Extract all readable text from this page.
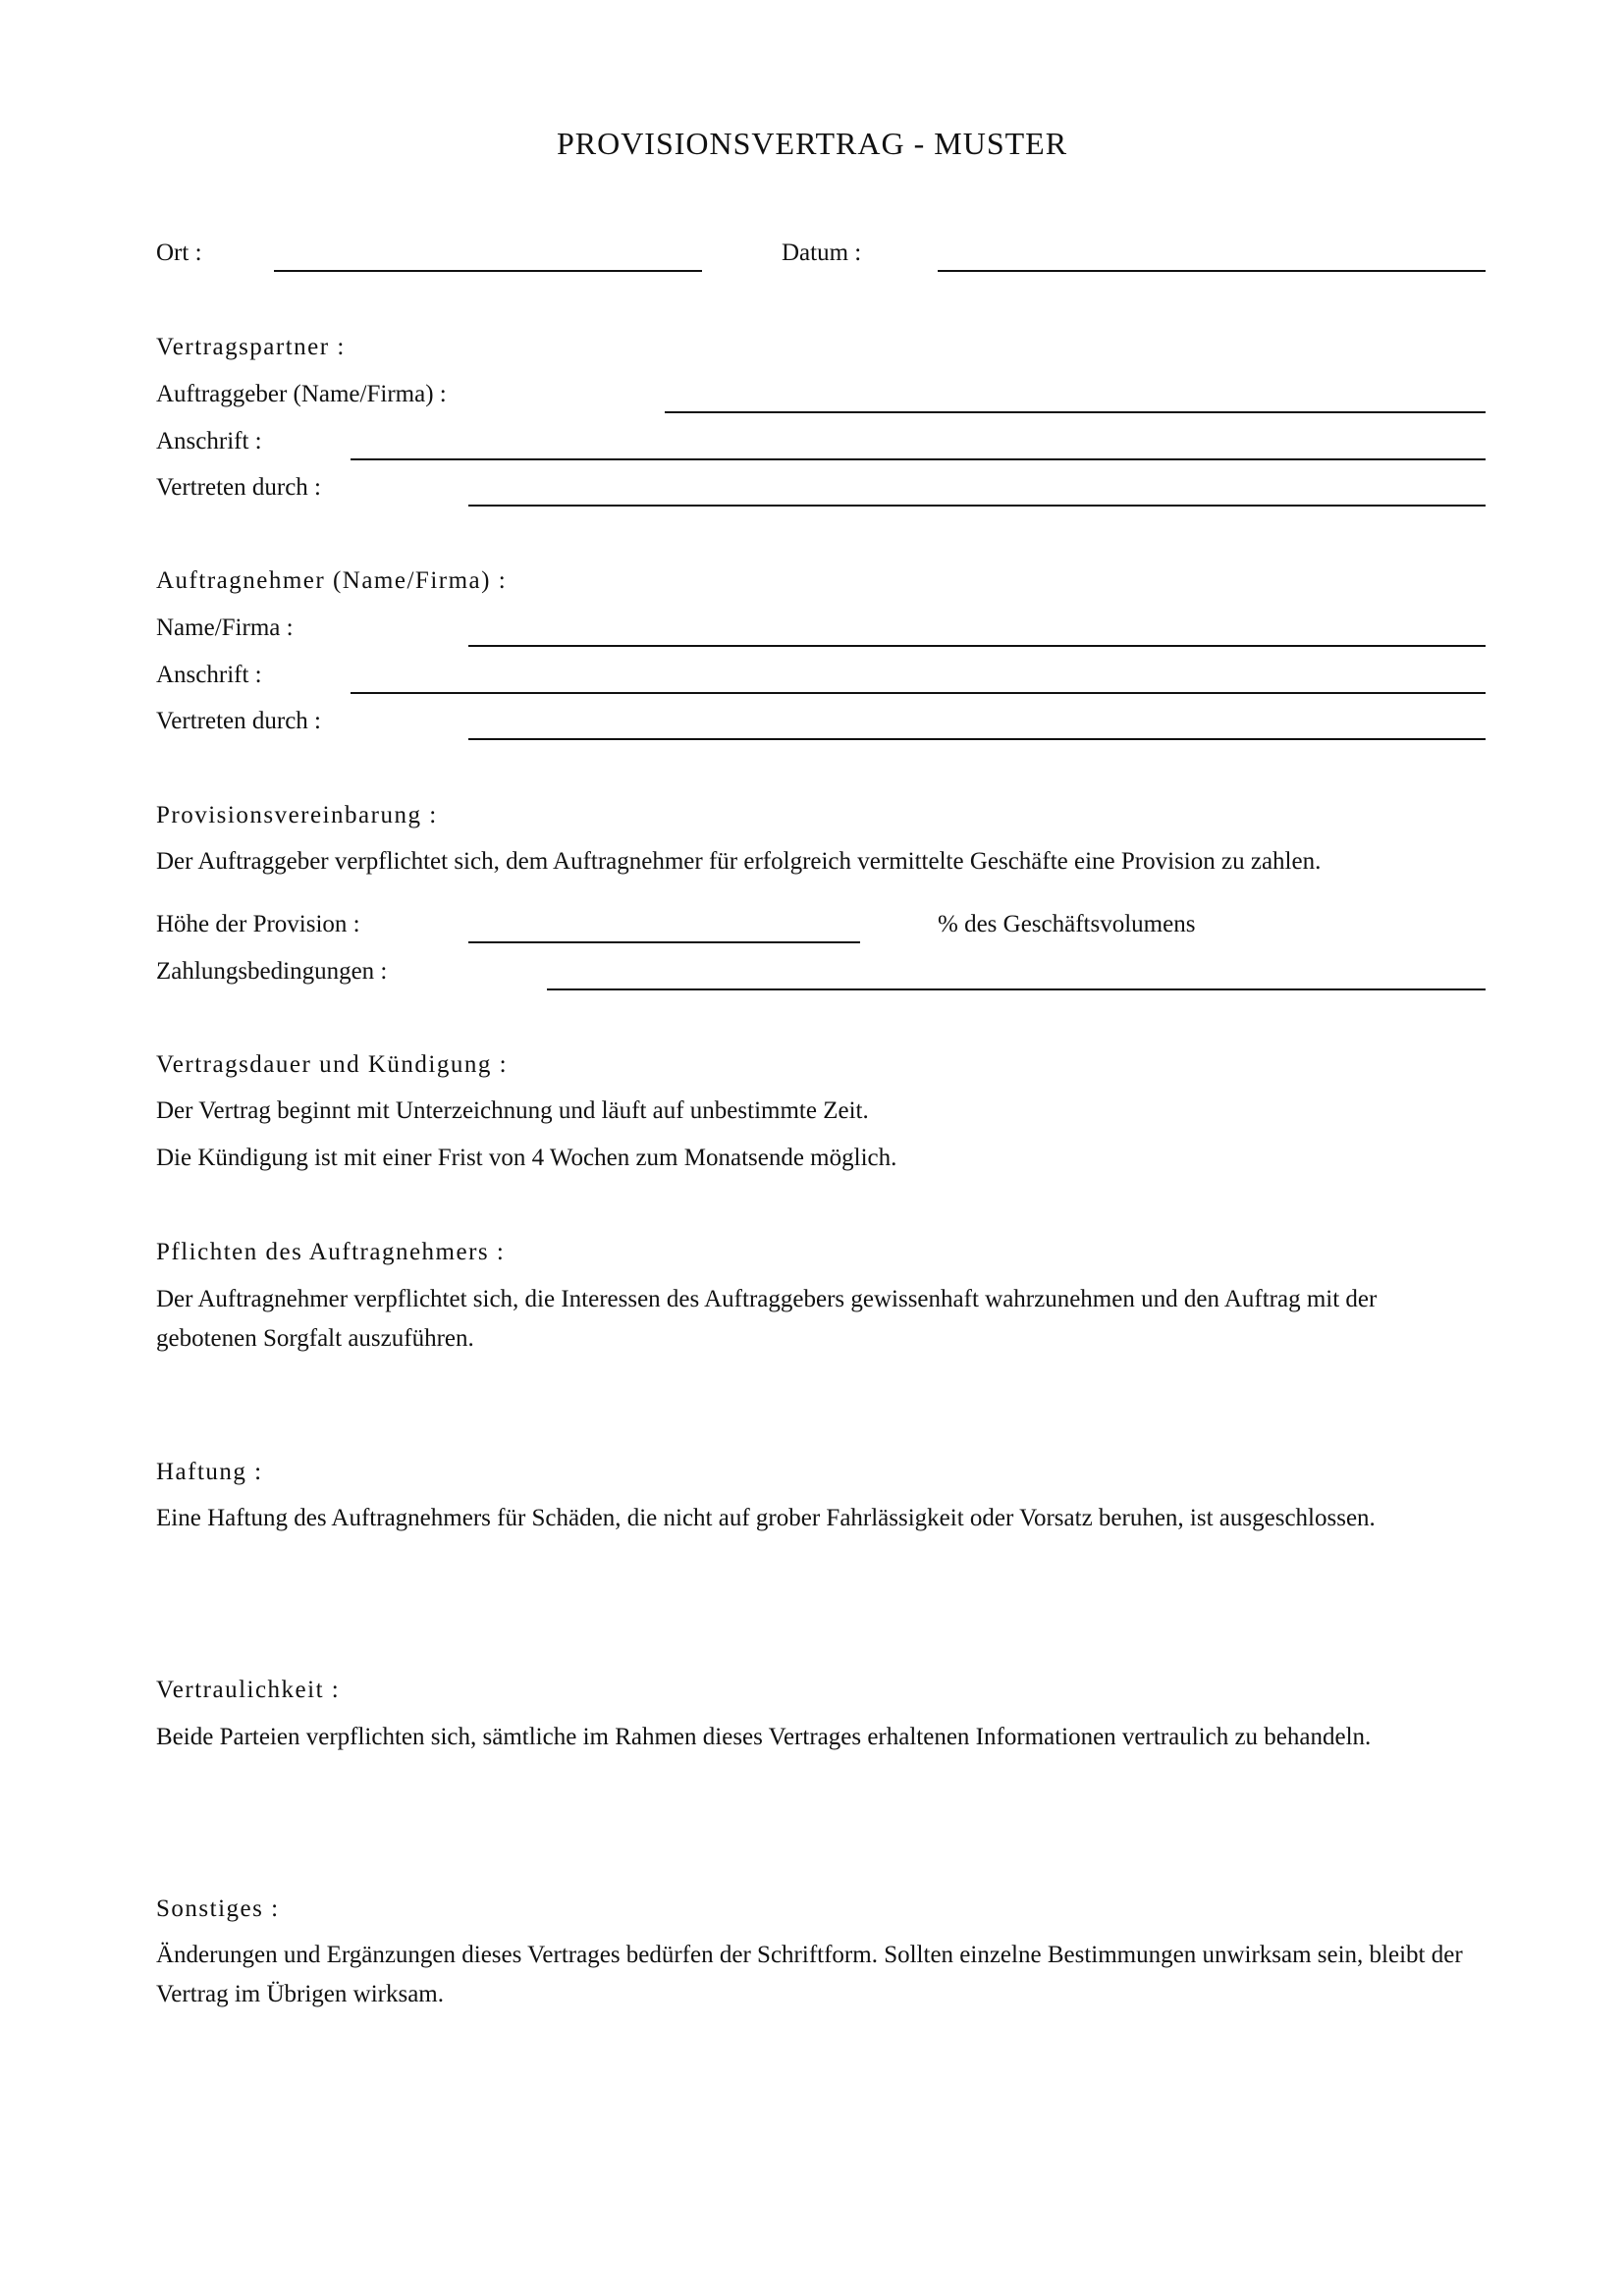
PROVISIONSVERTRAG - MUSTER
Ort :	Datum :
Vertragspartner :
Auftraggeber (Name/Firma) :
Anschrift :
Vertreten durch :
Auftragnehmer (Name/Firma) :
Name/Firma :
Anschrift :
Vertreten durch :
Provisionsvereinbarung :
Der Auftraggeber verpflichtet sich, dem Auftragnehmer für erfolgreich vermittelte Geschäfte eine Provision zu zahlen.
Höhe der Provision :	% des Geschäftsvolumens
Zahlungsbedingungen :
Vertragsdauer und Kündigung :
Der Vertrag beginnt mit Unterzeichnung und läuft auf unbestimmte Zeit.
Die Kündigung ist mit einer Frist von 4 Wochen zum Monatsende möglich.
Pflichten des Auftragnehmers :
Der Auftragnehmer verpflichtet sich, die Interessen des Auftraggebers gewissenhaft wahrzunehmen und den Auftrag mit der gebotenen Sorgfalt auszuführen.
Haftung :
Eine Haftung des Auftragnehmers für Schäden, die nicht auf grober Fahrlässigkeit oder Vorsatz beruhen, ist ausgeschlossen.
Vertraulichkeit :
Beide Parteien verpflichten sich, sämtliche im Rahmen dieses Vertrages erhaltenen Informationen vertraulich zu behandeln.
Sonstiges :
Änderungen und Ergänzungen dieses Vertrages bedürfen der Schriftform. Sollten einzelne Bestimmungen unwirksam sein, bleibt der Vertrag im Übrigen wirksam.
